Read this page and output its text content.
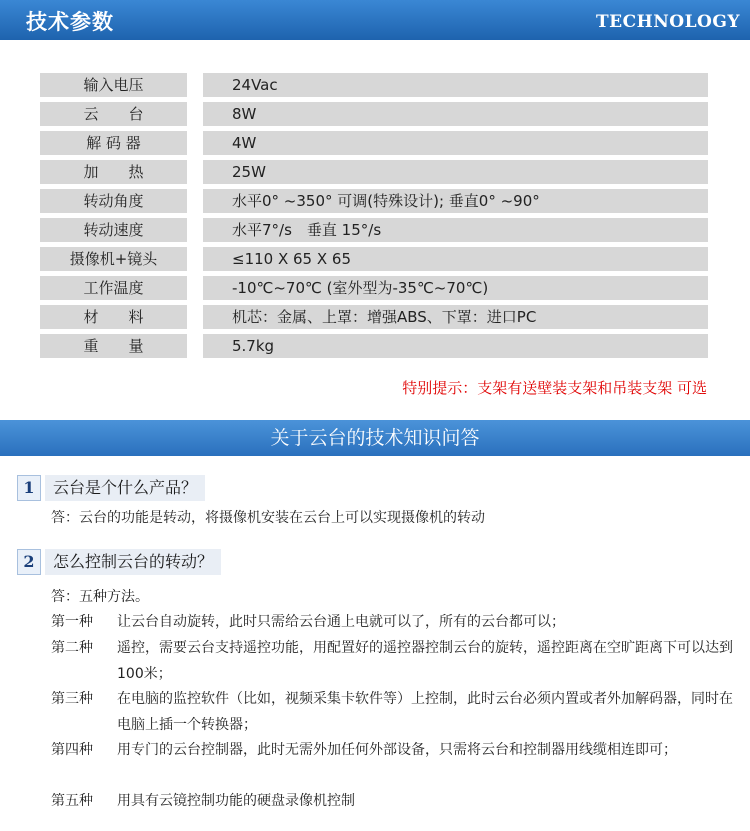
技术参数	TECHNOLOGY
输入电压	24Vac
云　　台	8W
解 码 器	4W
加　　热	25W
转动角度	水平0° ~350° 可调(特殊设计); 垂直0° ~90°
转动速度	水平7°/s　垂直 15°/s
摄像机+镜头	≤110 X 65 X 65
工作温度	-10℃~70℃ (室外型为-35℃~70℃)
材　　料	机芯：金属、上罩：增强ABS、下罩：进口PC
重　　量	5.7kg
特别提示：支架有送壁装支架和吊装支架 可选
关于云台的技术知识问答
1	云台是个什么产品？
答：云台的功能是转动，将摄像机安装在云台上可以实现摄像机的转动
2	怎么控制云台的转动？
答：五种方法。
第一种 让云台自动旋转，此时只需给云台通上电就可以了，所有的云台都可以；
第二种 遥控，需要云台支持遥控功能，用配置好的遥控器控制云台的旋转，遥控距离在空旷距离下可以达到100米；
第三种 在电脑的监控软件（比如，视频采集卡软件等）上控制，此时云台必须内置或者外加解码器，同时在电脑上插一个转换器；
第四种 用专门的云台控制器，此时无需外加任何外部设备，只需将云台和控制器用线缆相连即可；
第五种 用具有云镜控制功能的硬盘录像机控制
